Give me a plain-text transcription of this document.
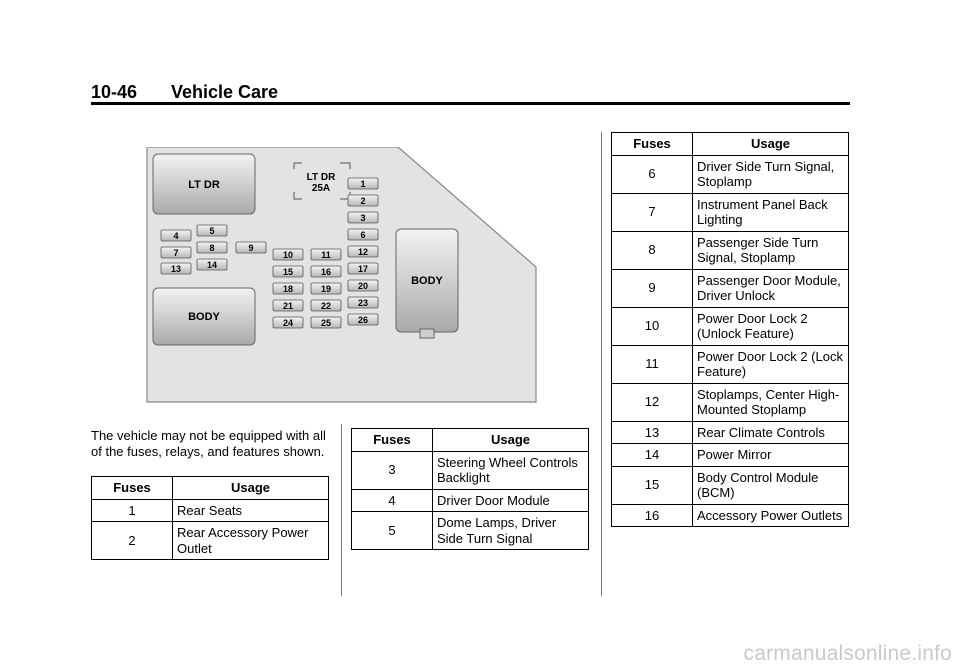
10-46 Vehicle Care
LT DR
BODY
BODY
LT DR
25A	1
2
3
4	5	6
7	8	9
10	11	12
13	14
15	16	17
18	19	20
21	22	23
24	25	26
The vehicle may not be equipped with all of the fuses, relays, and features shown.
Fuses	Usage
1	Rear Seats
2	Rear Accessory Power Outlet
Fuses	Usage
3	Steering Wheel Controls Backlight
4	Driver Door Module
5	Dome Lamps, Driver Side Turn Signal
Fuses	Usage
6	Driver Side Turn Signal, Stoplamp
7	Instrument Panel Back Lighting
8	Passenger Side Turn Signal, Stoplamp
9	Passenger Door Module, Driver Unlock
10	Power Door Lock 2 (Unlock Feature)
11	Power Door Lock 2 (Lock Feature)
12	Stoplamps, Center High- Mounted Stoplamp
13	Rear Climate Controls
14	Power Mirror
15	Body Control Module (BCM)
16	Accessory Power Outlets
carmanualsonline.info
